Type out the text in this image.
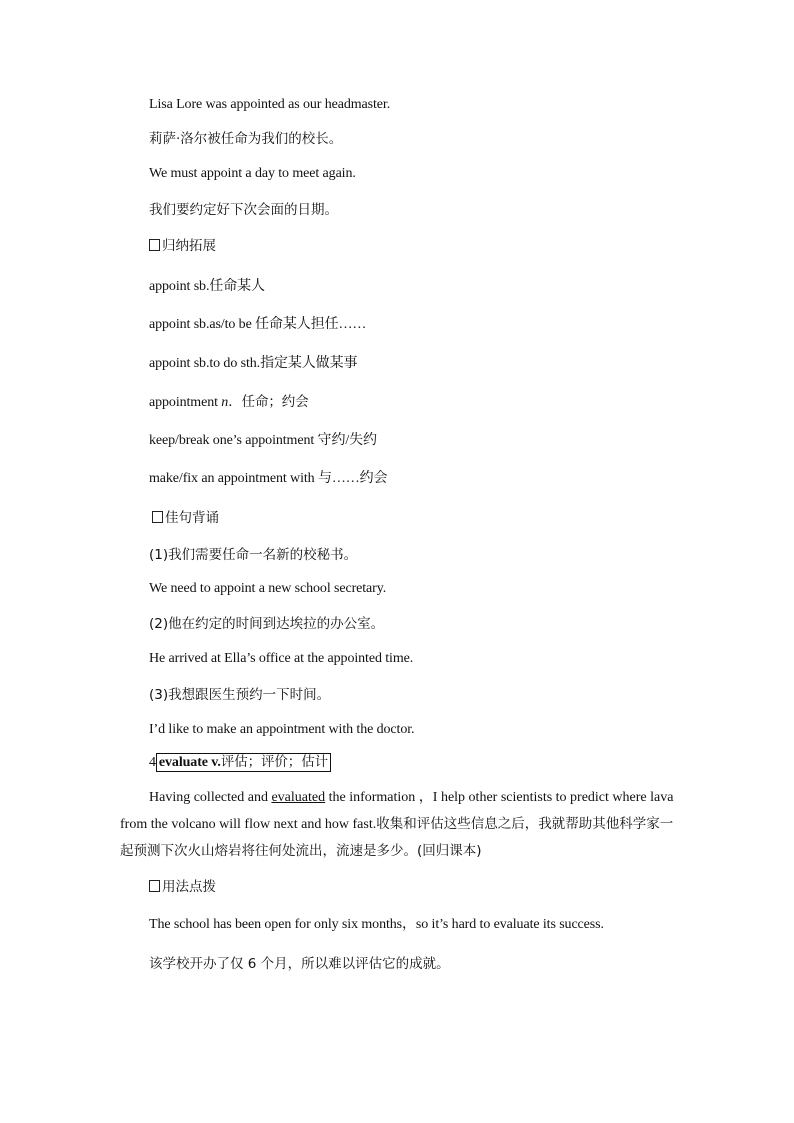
Lisa Lore was appointed as our headmaster.
莉萨·洛尔被任命为我们的校长。
We must appoint a day to meet again.
我们要约定好下次会面的日期。
归纳拓展
appoint sb.任命某人
appoint sb.as/to be 任命某人担任……
appoint sb.to do sth.指定某人做某事
appointment n．任命；约会
keep/break one’s appointment 守约/失约
make/fix an appointment with 与……约会
佳句背诵
(1)我们需要任命一名新的校秘书。
We need to appoint a new school secretary.
(2)他在约定的时间到达埃拉的办公室。
He arrived at Ella’s office at the appointed time.
(3)我想跟医生预约一下时间。
I’d like to make an appointment with the doctor.
4 evaluate v.评估；评价；估计
Having collected and evaluated the information ，I help other scientists to predict where lava from the volcano will flow next and how fast.收集和评估这些信息之后，我就帮助其他科学家一起预测下次火山熔岩将往何处流出，流速是多少。(回归课本)
用法点拨
The school has been open for only six months，so it’s hard to evaluate its success.
该学校开办了仅 6 个月，所以难以评估它的成就。
